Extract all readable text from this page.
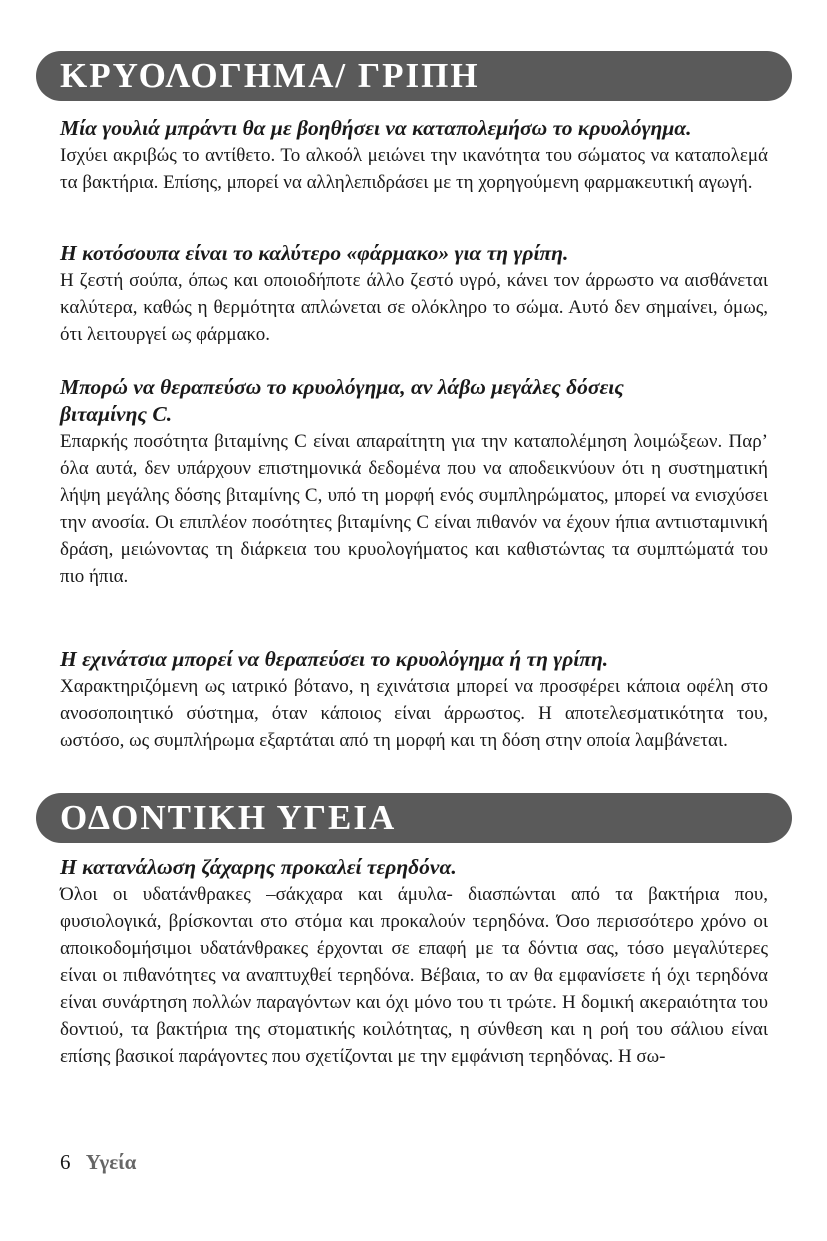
ΚΡΥΟΛΟΓΗΜΑ/ ΓΡΙΠΗ
Μία γουλιά μπράντι θα με βοηθήσει να καταπολεμήσω το κρυολόγημα.
Ισχύει ακριβώς το αντίθετο. Το αλκοόλ μειώνει την ικανότητα του σώματος να καταπολεμά τα βακτήρια. Επίσης, μπορεί να αλληλεπιδράσει με τη χορηγούμενη φαρμακευτική αγωγή.
Η κοτόσουπα είναι το καλύτερο «φάρμακο» για τη γρίπη.
Η ζεστή σούπα, όπως και οποιοδήποτε άλλο ζεστό υγρό, κάνει τον άρρωστο να αισθάνεται καλύτερα, καθώς η θερμότητα απλώνεται σε ολόκληρο το σώμα. Αυτό δεν σημαίνει, όμως, ότι λειτουργεί ως φάρμακο.
Μπορώ να θεραπεύσω το κρυολόγημα, αν λάβω μεγάλες δόσεις βιταμίνης C.
Επαρκής ποσότητα βιταμίνης C είναι απαραίτητη για την καταπολέμηση λοιμώξεων. Παρ’ όλα αυτά, δεν υπάρχουν επιστημονικά δεδομένα που να αποδεικνύουν ότι η συστηματική λήψη μεγάλης δόσης βιταμίνης C, υπό τη μορφή ενός συμπληρώματος, μπορεί να ενισχύσει την ανοσία. Οι επιπλέον ποσότητες βιταμίνης C είναι πιθανόν να έχουν ήπια αντιισταμινική δράση, μειώνοντας τη διάρκεια του κρυολογήματος και καθιστώντας τα συμπτώματά του πιο ήπια.
Η εχινάτσια μπορεί να θεραπεύσει το κρυολόγημα ή τη γρίπη.
Χαρακτηριζόμενη ως ιατρικό βότανο, η εχινάτσια μπορεί να προσφέρει κάποια οφέλη στο ανοσοποιητικό σύστημα, όταν κάποιος είναι άρρωστος. Η αποτελεσματικότητα του, ωστόσο, ως συμπλήρωμα εξαρτάται από τη μορφή και τη δόση στην οποία λαμβάνεται.
ΟΔΟΝΤΙΚΗ ΥΓΕΙΑ
Η κατανάλωση ζάχαρης προκαλεί τερηδόνα.
Όλοι οι υδατάνθρακες –σάκχαρα και άμυλα- διασπώνται από τα βακτήρια που, φυσιολογικά, βρίσκονται στο στόμα και προκαλούν τερηδόνα. Όσο περισσότερο χρόνο οι αποικοδομήσιμοι υδατάνθρακες έρχονται σε επαφή με τα δόντια σας, τόσο μεγαλύτερες είναι οι πιθανότητες να αναπτυχθεί τερηδόνα. Βέβαια, το αν θα εμφανίσετε ή όχι τερηδόνα είναι συνάρτηση πολλών παραγόντων και όχι μόνο του τι τρώτε. Η δομική ακεραιότητα του δοντιού, τα βακτήρια της στοματικής κοιλότητας, η σύνθεση και η ροή του σάλιου είναι επίσης βασικοί παράγοντες που σχετίζονται με την εμφάνιση τερηδόνας. Η σω-
6 Υγεία
